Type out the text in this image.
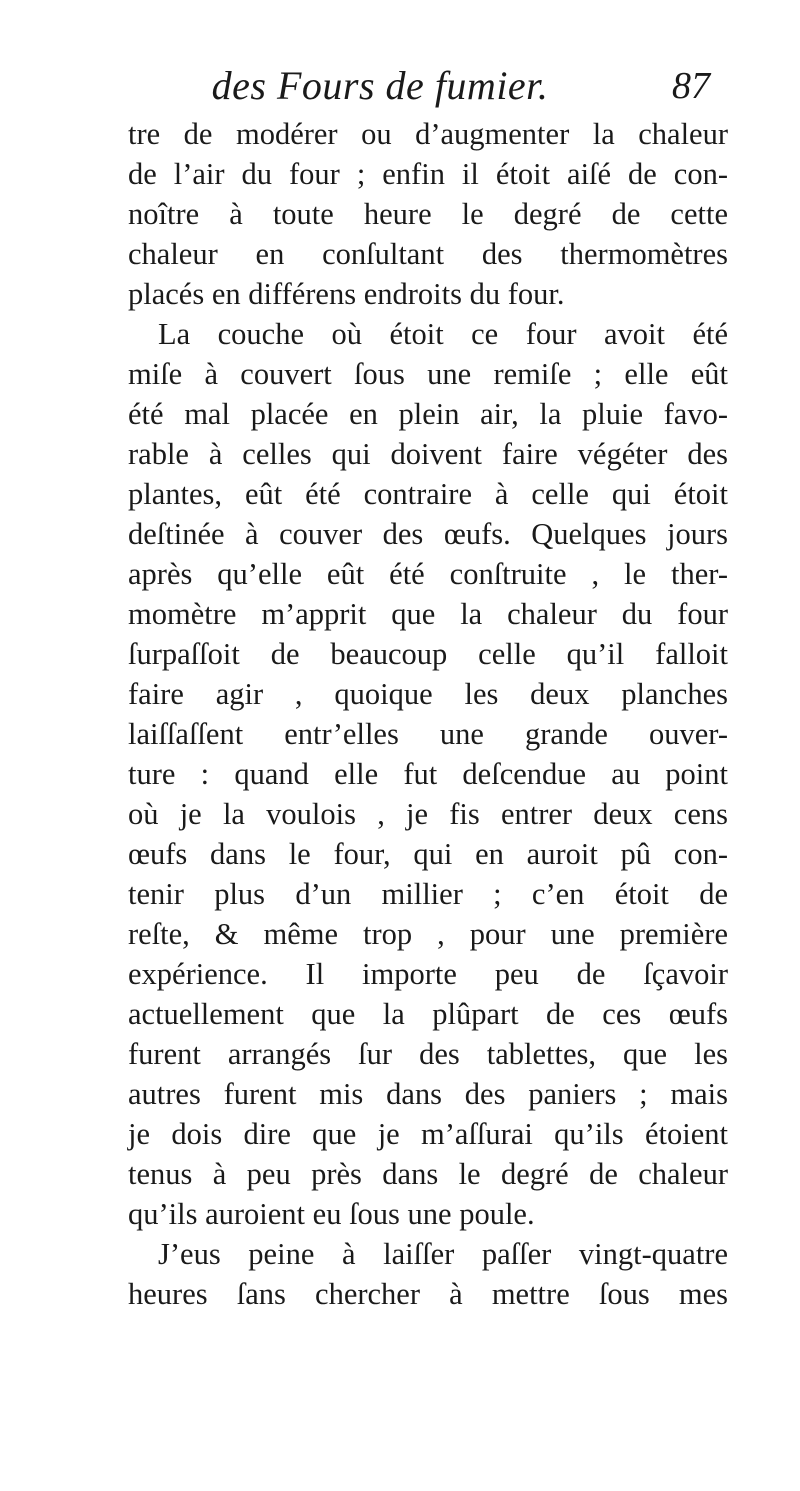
des Fours de fumier.	87
tre de modérer ou d’augmenter la chaleur
de l’air du four ; enfin il étoit aiſé de con-
noître à toute heure le degré de cette
chaleur en conſultant des thermomètres
placés en différens endroits du four.
La couche où étoit ce four avoit été
miſe à couvert ſous une remiſe ; elle eût
été mal placée en plein air, la pluie favo-
rable à celles qui doivent faire végéter des
plantes, eût été contraire à celle qui étoit
deſtinée à couver des œufs. Quelques jours
après qu’elle eût été conſtruite , le ther-
momètre m’apprit que la chaleur du four
ſurpaſſoit de beaucoup celle qu’il falloit
faire agir , quoique les deux planches
laiſſaſſent entr’elles une grande ouver-
ture : quand elle fut deſcendue au point
où je la voulois , je fis entrer deux cens
œufs dans le four, qui en auroit pû con-
tenir plus d’un millier ; c’en étoit de
reſte, & même trop , pour une première
expérience. Il importe peu de ſçavoir
actuellement que la plûpart de ces œufs
furent arrangés ſur des tablettes, que les
autres furent mis dans des paniers ; mais
je dois dire que je m’aſſurai qu’ils étoient
tenus à peu près dans le degré de chaleur
qu’ils auroient eu ſous une poule.
J’eus peine à laiſſer paſſer vingt-quatre
heures ſans chercher à mettre ſous mes
